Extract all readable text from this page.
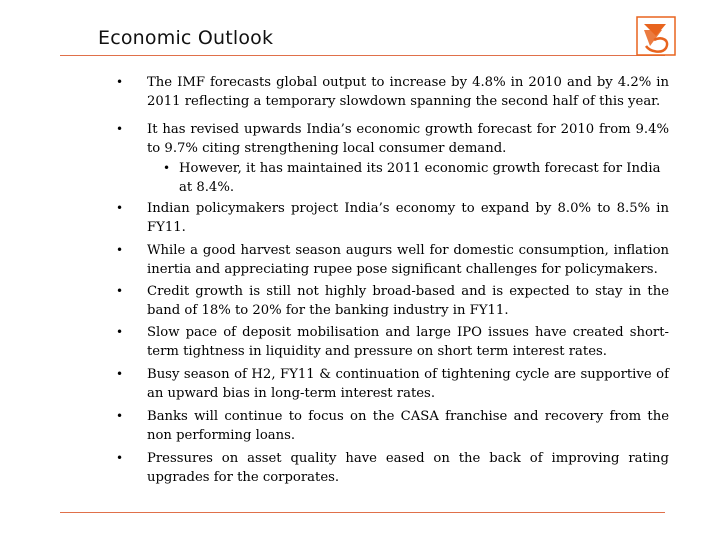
Economic Outlook
• The IMF forecasts global output to increase by 4.8% in 2010 and by 4.2% in 2011 reflecting a temporary slowdown spanning the second half of this year.
• It has revised upwards India’s economic growth forecast for 2010 from 9.4% to 9.7% citing strengthening local consumer demand.
• However, it has maintained its 2011 economic growth forecast for India at 8.4%.
• Indian policymakers project India’s economy to expand by 8.0% to 8.5% in FY11.
• While a good harvest season augurs well for domestic consumption, inflation inertia and appreciating rupee pose significant challenges for policymakers.
• Credit growth is still not highly broad-based and is expected to stay in the band of 18% to 20% for the banking industry in FY11.
• Slow pace of deposit mobilisation and large IPO issues have created short-term tightness in liquidity and pressure on short term interest rates.
• Busy season of H2, FY11 & continuation of tightening cycle are supportive of an upward bias in long-term interest rates.
• Banks will continue to focus on the CASA franchise and recovery from the non performing loans.
• Pressures on asset quality have eased on the back of improving rating upgrades for the corporates.
